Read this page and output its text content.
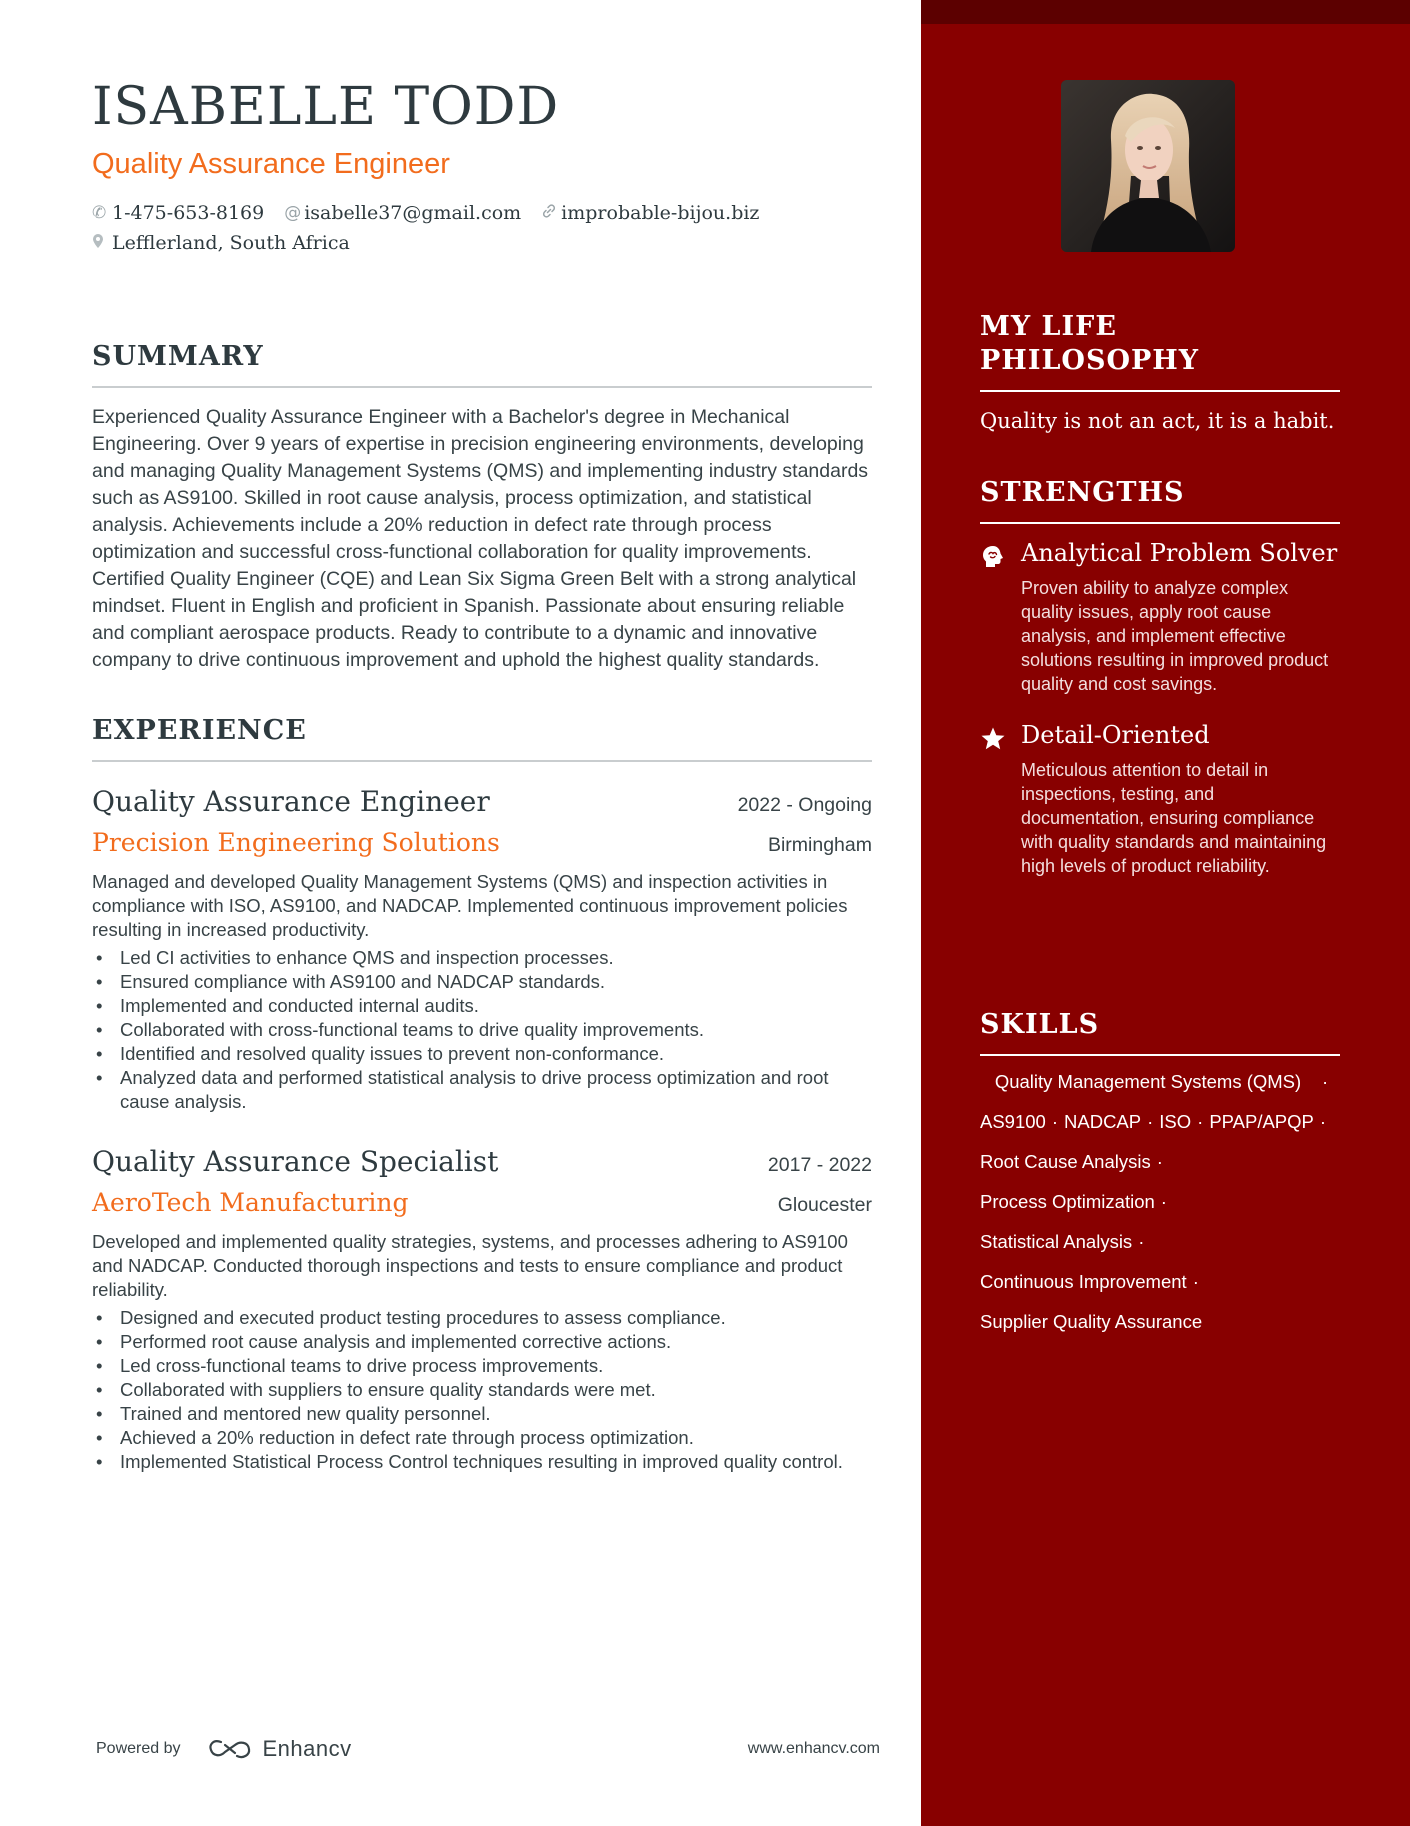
ISABELLE TODD
Quality Assurance Engineer
✆ 1-475-653-8169 @ isabelle37@gmail.com improbable-bijou.biz
Lefflerland, South Africa
SUMMARY

Experienced Quality Assurance Engineer with a Bachelor's degree in Mechanical Engineering. Over 9 years of expertise in precision engineering environments, developing and managing Quality Management Systems (QMS) and implementing industry standards such as AS9100. Skilled in root cause analysis, process optimization, and statistical analysis. Achievements include a 20% reduction in defect rate through process optimization and successful cross-functional collaboration for quality improvements. Certified Quality Engineer (CQE) and Lean Six Sigma Green Belt with a strong analytical mindset. Fluent in English and proficient in Spanish. Passionate about ensuring reliable and compliant aerospace products. Ready to contribute to a dynamic and innovative company to drive continuous improvement and uphold the highest quality standards.

EXPERIENCE
Quality Assurance Engineer	2022 - Ongoing
Precision Engineering Solutions	Birmingham
Managed and developed Quality Management Systems (QMS) and inspection activities in compliance with ISO, AS9100, and NADCAP. Implemented continuous improvement policies resulting in increased productivity.
• Led CI activities to enhance QMS and inspection processes.
• Ensured compliance with AS9100 and NADCAP standards.
• Implemented and conducted internal audits.
• Collaborated with cross-functional teams to drive quality improvements.
• Identified and resolved quality issues to prevent non-conformance.
• Analyzed data and performed statistical analysis to drive process optimization and root cause analysis.
Quality Assurance Specialist	2017 - 2022
AeroTech Manufacturing	Gloucester
Developed and implemented quality strategies, systems, and processes adhering to AS9100 and NADCAP. Conducted thorough inspections and tests to ensure compliance and product reliability.
• Designed and executed product testing procedures to assess compliance.
• Performed root cause analysis and implemented corrective actions.
• Led cross-functional teams to drive process improvements.
• Collaborated with suppliers to ensure quality standards were met.
• Trained and mentored new quality personnel.
• Achieved a 20% reduction in defect rate through process optimization.
• Implemented Statistical Process Control techniques resulting in improved quality control.
Powered by	Enhancv	www.enhancv.com
MY LIFE PHILOSOPHY

Quality is not an act, it is a habit.

STRENGTHS
Analytical Problem Solver
Proven ability to analyze complex quality issues, apply root cause analysis, and implement effective solutions resulting in improved product quality and cost savings.
Detail-Oriented
Meticulous attention to detail in inspections, testing, and documentation, ensuring compliance with quality standards and maintaining high levels of product reliability.
SKILLS
Quality Management Systems (QMS)	·
AS9100 · NADCAP · ISO · PPAP/APQP ·
Root Cause Analysis ·
Process Optimization ·
Statistical Analysis ·
Continuous Improvement ·
Supplier Quality Assurance
